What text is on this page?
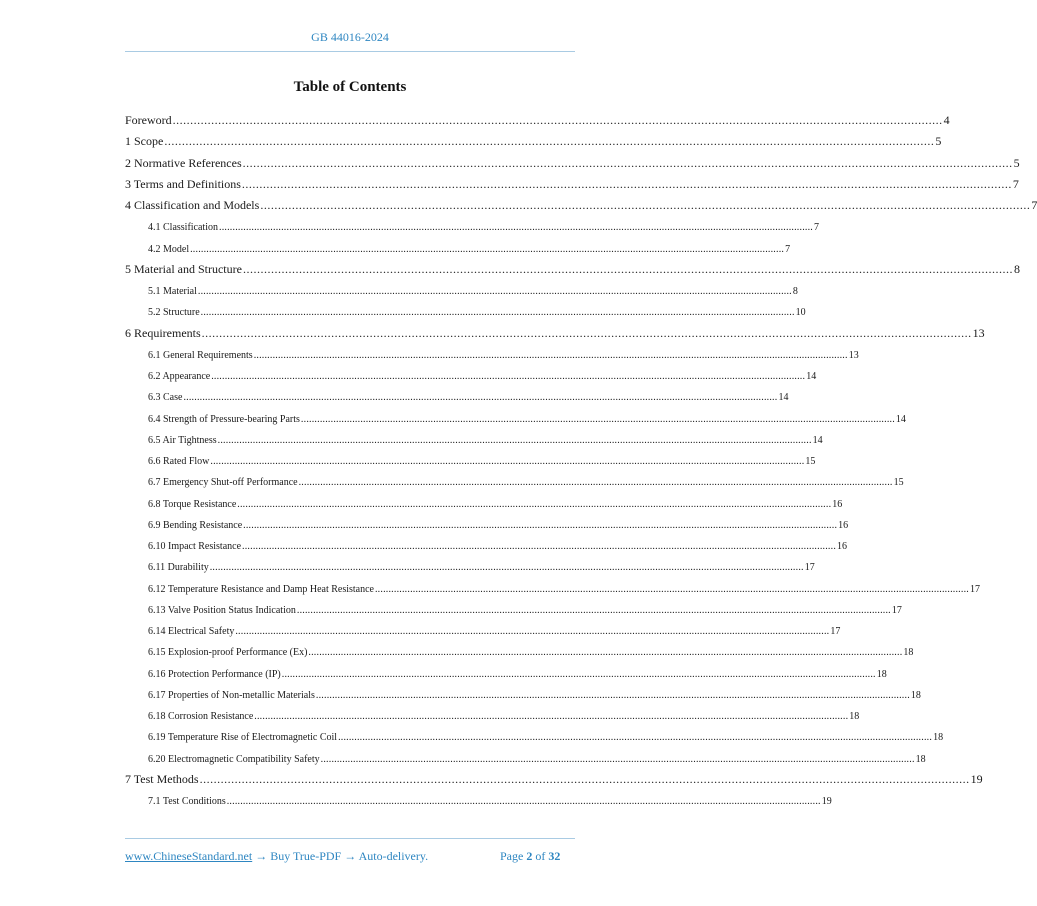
GB 44016-2024
Table of Contents
Foreword ............................................................................................................................................................................................................................ 4
1 Scope ............................................................................................................................................................................................................................ 5
2 Normative References ............................................................................................................................................................................................................................ 5
3 Terms and Definitions ............................................................................................................................................................................................................................ 7
4 Classification and Models ............................................................................................................................................................................................................................ 7
4.1 Classification ............................................................................................................................................................................................................................ 7
4.2 Model ............................................................................................................................................................................................................................ 7
5 Material and Structure ............................................................................................................................................................................................................................ 8
5.1 Material ............................................................................................................................................................................................................................ 8
5.2 Structure ............................................................................................................................................................................................................................ 10
6 Requirements ............................................................................................................................................................................................................................ 13
6.1 General Requirements ............................................................................................................................................................................................................................ 13
6.2 Appearance ............................................................................................................................................................................................................................ 14
6.3 Case ............................................................................................................................................................................................................................ 14
6.4 Strength of Pressure-bearing Parts ............................................................................................................................................................................................................................ 14
6.5 Air Tightness ............................................................................................................................................................................................................................ 14
6.6 Rated Flow ............................................................................................................................................................................................................................ 15
6.7 Emergency Shut-off Performance ............................................................................................................................................................................................................................ 15
6.8 Torque Resistance ............................................................................................................................................................................................................................ 16
6.9 Bending Resistance ............................................................................................................................................................................................................................ 16
6.10 Impact Resistance ............................................................................................................................................................................................................................ 16
6.11 Durability ............................................................................................................................................................................................................................ 17
6.12 Temperature Resistance and Damp Heat Resistance ............................................................................................................................................................................................................................ 17
6.13 Valve Position Status Indication ............................................................................................................................................................................................................................ 17
6.14 Electrical Safety ............................................................................................................................................................................................................................ 17
6.15 Explosion-proof Performance (Ex) ............................................................................................................................................................................................................................ 18
6.16 Protection Performance (IP) ............................................................................................................................................................................................................................ 18
6.17 Properties of Non-metallic Materials ............................................................................................................................................................................................................................ 18
6.18 Corrosion Resistance ............................................................................................................................................................................................................................ 18
6.19 Temperature Rise of Electromagnetic Coil ............................................................................................................................................................................................................................ 18
6.20 Electromagnetic Compatibility Safety ............................................................................................................................................................................................................................ 18
7 Test Methods ............................................................................................................................................................................................................................ 19
7.1 Test Conditions ............................................................................................................................................................................................................................ 19
www.ChineseStandard.net → Buy True-PDF → Auto-delivery.	Page 2 of 32
